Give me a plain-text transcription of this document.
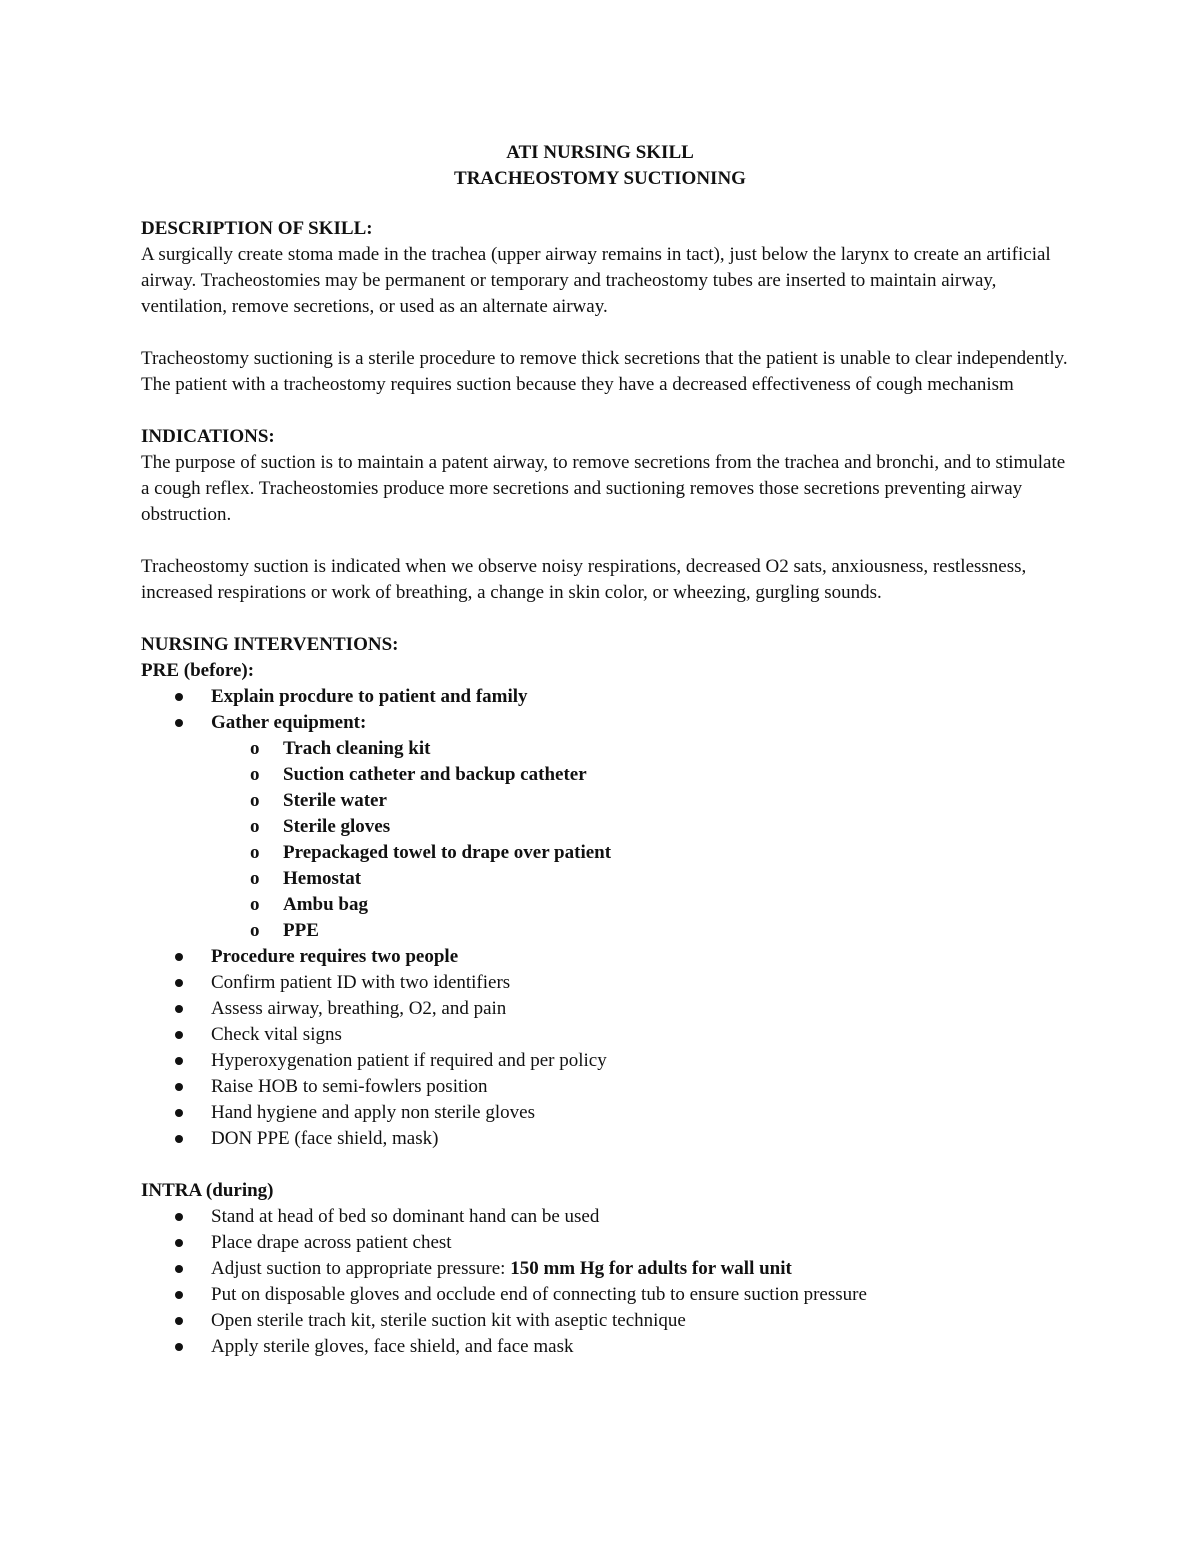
ATI NURSING SKILL
TRACHEOSTOMY SUCTIONING

DESCRIPTION OF SKILL:

A surgically create stoma made in the trachea (upper airway remains in tact), just below the larynx to create an artificial airway. Tracheostomies may be permanent or temporary and tracheostomy tubes are inserted to maintain airway, ventilation, remove secretions, or used as an alternate airway.

Tracheostomy suctioning is a sterile procedure to remove thick secretions that the patient is unable to clear independently. The patient with a tracheostomy requires suction because they have a decreased effectiveness of cough mechanism

INDICATIONS:

The purpose of suction is to maintain a patent airway, to remove secretions from the trachea and bronchi, and to stimulate a cough reflex. Tracheostomies produce more secretions and suctioning removes those secretions preventing airway obstruction.

Tracheostomy suction is indicated when we observe noisy respirations, decreased O2 sats, anxiousness, restlessness, increased respirations or work of breathing, a change in skin color, or wheezing, gurgling sounds.

NURSING INTERVENTIONS:

PRE (before):

Explain procdure to patient and family
Gather equipment:
o Trach cleaning kit
o Suction catheter and backup catheter
o Sterile water
o Sterile gloves
o Prepackaged towel to drape over patient
o Hemostat
o Ambu bag
o PPE
Procedure requires two people
Confirm patient ID with two identifiers
Assess airway, breathing, O2, and pain
Check vital signs
Hyperoxygenation patient if required and per policy
Raise HOB to semi-fowlers position
Hand hygiene and apply non sterile gloves
DON PPE (face shield, mask)

INTRA (during)

Stand at head of bed so dominant hand can be used
Place drape across patient chest
Adjust suction to appropriate pressure: 150 mm Hg for adults for wall unit
Put on disposable gloves and occlude end of connecting tub to ensure suction pressure
Open sterile trach kit, sterile suction kit with aseptic technique
Apply sterile gloves, face shield, and face mask
